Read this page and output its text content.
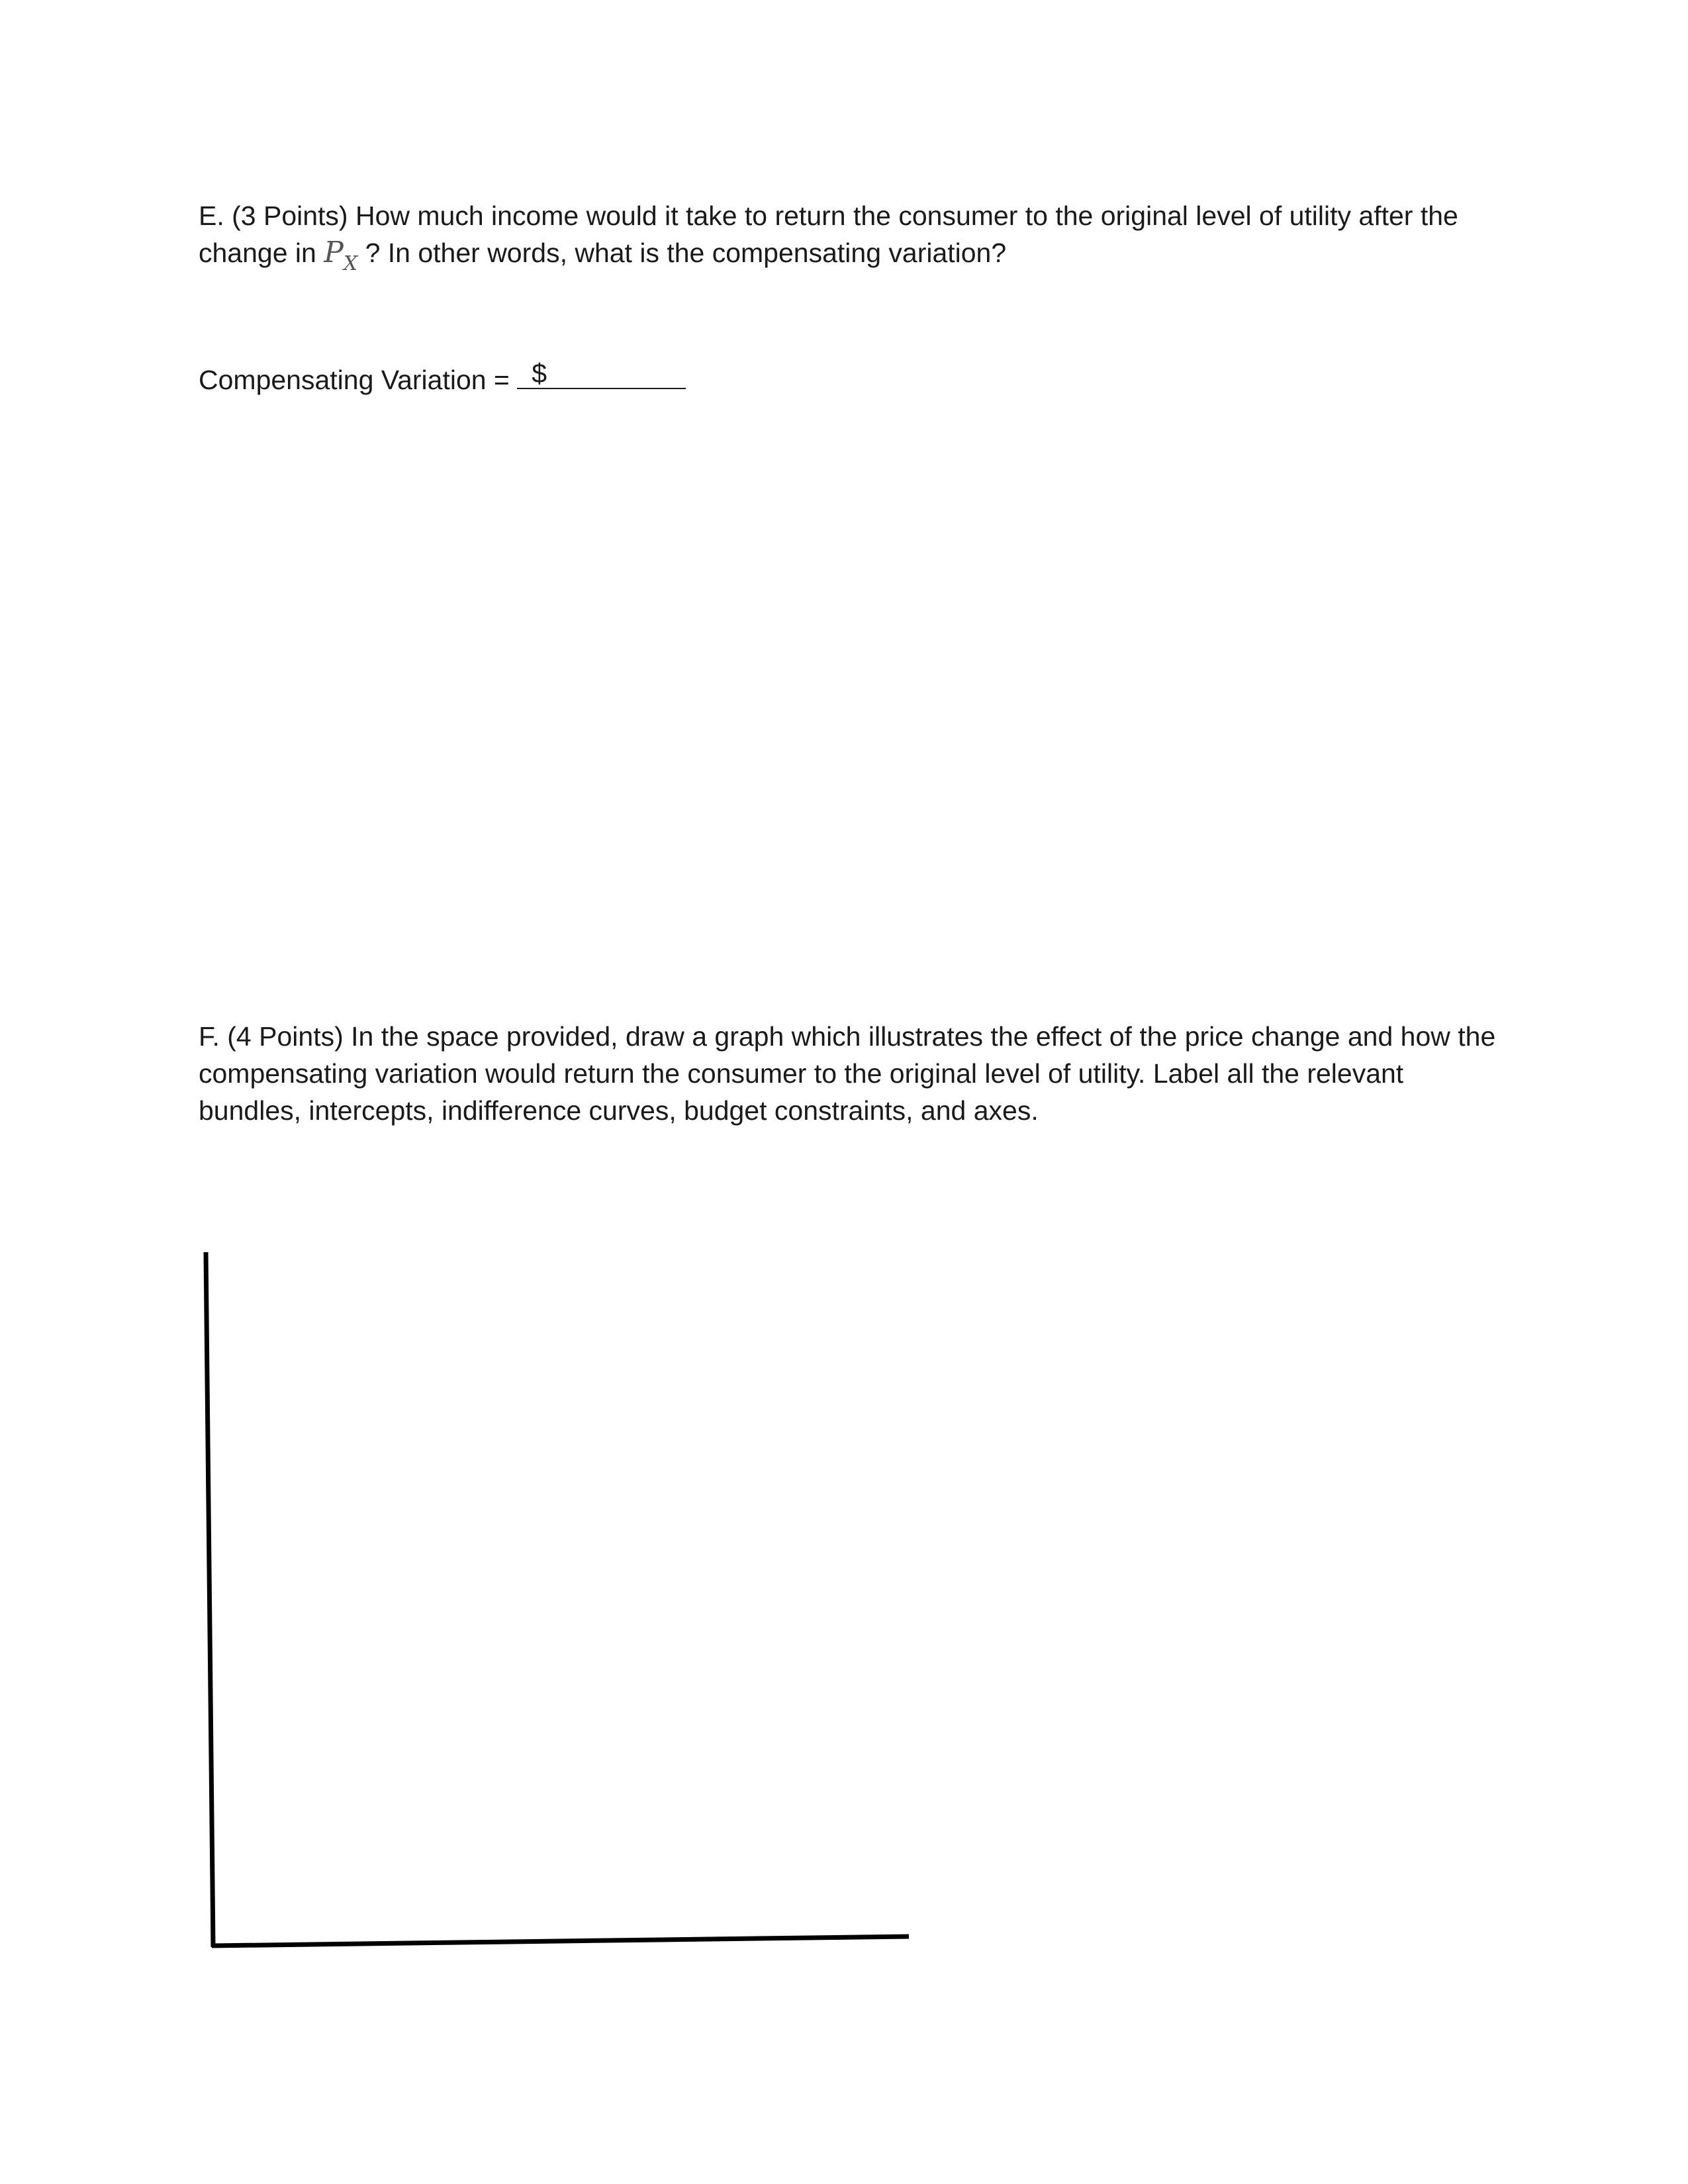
E. (3 Points) How much income would it take to return the consumer to the original level of utility after the change in $P_X$ ? In other words, what is the compensating variation?

Compensating Variation = $

F. (4 Points) In the space provided, draw a graph which illustrates the effect of the price change and how the compensating variation would return the consumer to the original level of utility. Label all the relevant bundles, intercepts, indifference curves, budget constraints, and axes.
